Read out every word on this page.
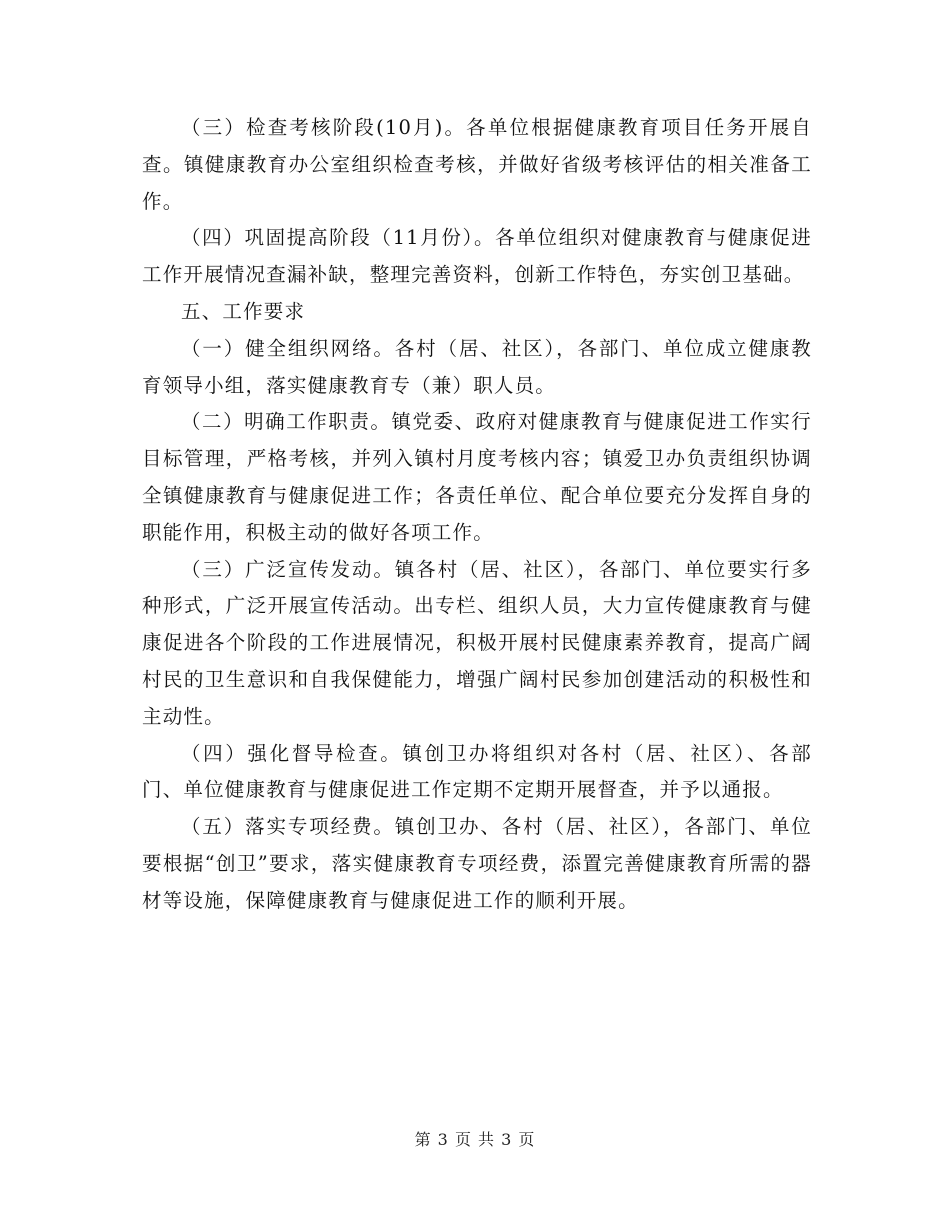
（三）检查考核阶段(10月)。各单位根据健康教育项目任务开展自查。镇健康教育办公室组织检查考核，并做好省级考核评估的相关准备工作。

（四）巩固提高阶段（11月份）。各单位组织对健康教育与健康促进工作开展情况查漏补缺，整理完善资料，创新工作特色，夯实创卫基础。

五、工作要求

（一）健全组织网络。各村（居、社区），各部门、单位成立健康教育领导小组，落实健康教育专（兼）职人员。

（二）明确工作职责。镇党委、政府对健康教育与健康促进工作实行目标管理，严格考核，并列入镇村月度考核内容；镇爱卫办负责组织协调全镇健康教育与健康促进工作；各责任单位、配合单位要充分发挥自身的职能作用，积极主动的做好各项工作。

（三）广泛宣传发动。镇各村（居、社区），各部门、单位要实行多种形式，广泛开展宣传活动。出专栏、组织人员，大力宣传健康教育与健康促进各个阶段的工作进展情况，积极开展村民健康素养教育，提高广阔村民的卫生意识和自我保健能力，增强广阔村民参加创建活动的积极性和主动性。

（四）强化督导检查。镇创卫办将组织对各村（居、社区）、各部门、单位健康教育与健康促进工作定期不定期开展督查，并予以通报。

（五）落实专项经费。镇创卫办、各村（居、社区），各部门、单位要根据“创卫”要求，落实健康教育专项经费，添置完善健康教育所需的器材等设施，保障健康教育与健康促进工作的顺利开展。

第 3 页 共 3 页
